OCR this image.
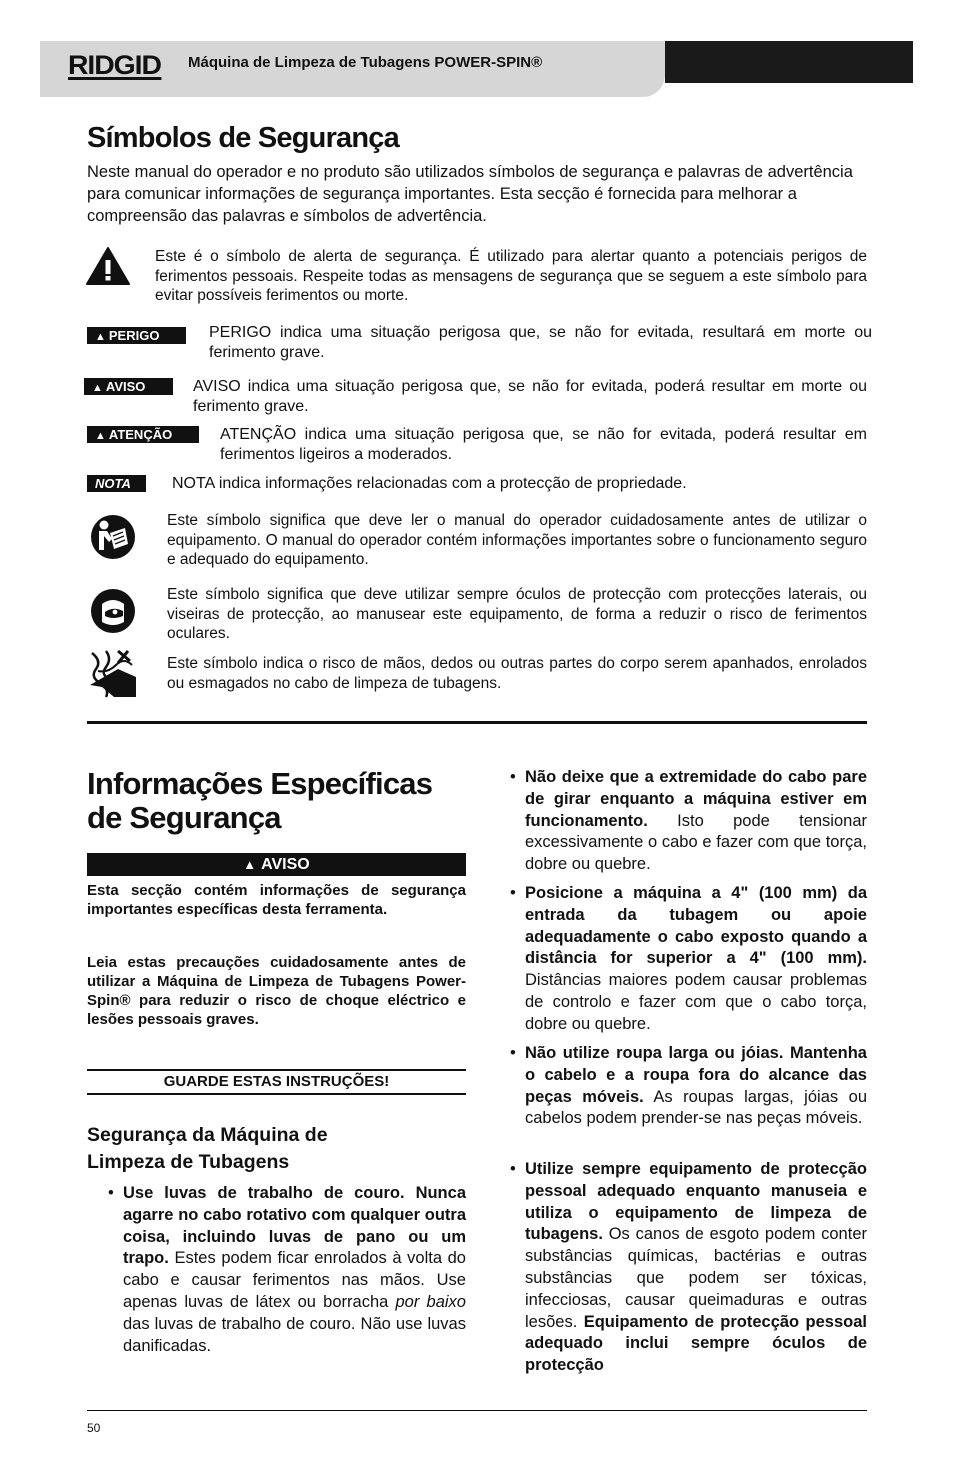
RIDGID Máquina de Limpeza de Tubagens POWER-SPIN®
Símbolos de Segurança
Neste manual do operador e no produto são utilizados símbolos de segurança e palavras de advertência para comunicar informações de segurança importantes. Esta secção é fornecida para melhorar a compreensão das palavras e símbolos de advertência.
Este é o símbolo de alerta de segurança. É utilizado para alertar quanto a potenciais perigos de ferimentos pessoais. Respeite todas as mensagens de segurança que se seguem a este símbolo para evitar possíveis ferimentos ou morte.
▲ PERIGO	PERIGO indica uma situação perigosa que, se não for evitada, resultará em morte ou ferimento grave.
▲ AVISO	AVISO indica uma situação perigosa que, se não for evitada, poderá resultar em morte ou ferimento grave.
▲ ATENÇÃO	ATENÇÃO indica uma situação perigosa que, se não for evitada, poderá resultar em ferimentos ligeiros a moderados.
NOTA	NOTA indica informações relacionadas com a protecção de propriedade.
Este símbolo significa que deve ler o manual do operador cuidadosamente antes de utilizar o equipamento. O manual do operador contém informações importantes sobre o funcionamento seguro e adequado do equipamento.
Este símbolo significa que deve utilizar sempre óculos de protecção com protecções laterais, ou viseiras de protecção, ao manusear este equipamento, de forma a reduzir o risco de ferimentos oculares.
Este símbolo indica o risco de mãos, dedos ou outras partes do corpo serem apanhados, enrolados ou esmagados no cabo de limpeza de tubagens.
Informações Específicas
de Segurança
▲ AVISO
Esta secção contém informações de segurança importantes específicas desta ferramenta.
Leia estas precauções cuidadosamente antes de utilizar a Máquina de Limpeza de Tubagens Power-Spin® para reduzir o risco de choque eléctrico e lesões pessoais graves.
GUARDE ESTAS INSTRUÇÕES!
Segurança da Máquina de
Limpeza de Tubagens
• Use luvas de trabalho de couro. Nunca agarre no cabo rotativo com qualquer outra coisa, incluindo luvas de pano ou um trapo. Estes podem ficar enrolados à volta do cabo e causar ferimentos nas mãos. Use apenas luvas de látex ou borracha por baixo das luvas de trabalho de couro. Não use luvas danificadas.
• Não deixe que a extremidade do cabo pare de girar enquanto a máquina estiver em funcionamento. Isto pode tensionar excessivamente o cabo e fazer com que torça, dobre ou quebre.
• Posicione a máquina a 4" (100 mm) da entrada da tubagem ou apoie adequadamente o cabo exposto quando a distância for superior a 4" (100 mm). Distâncias maiores podem causar problemas de controlo e fazer com que o cabo torça, dobre ou quebre.
• Não utilize roupa larga ou jóias. Mantenha o cabelo e a roupa fora do alcance das peças móveis. As roupas largas, jóias ou cabelos podem prender-se nas peças móveis.
• Utilize sempre equipamento de protecção pessoal adequado enquanto manuseia e utiliza o equipamento de limpeza de tubagens. Os canos de esgoto podem conter substâncias químicas, bactérias e outras substâncias que podem ser tóxicas, infecciosas, causar queimaduras e outras lesões. Equipamento de protecção pessoal adequado inclui sempre óculos de protecção
50
